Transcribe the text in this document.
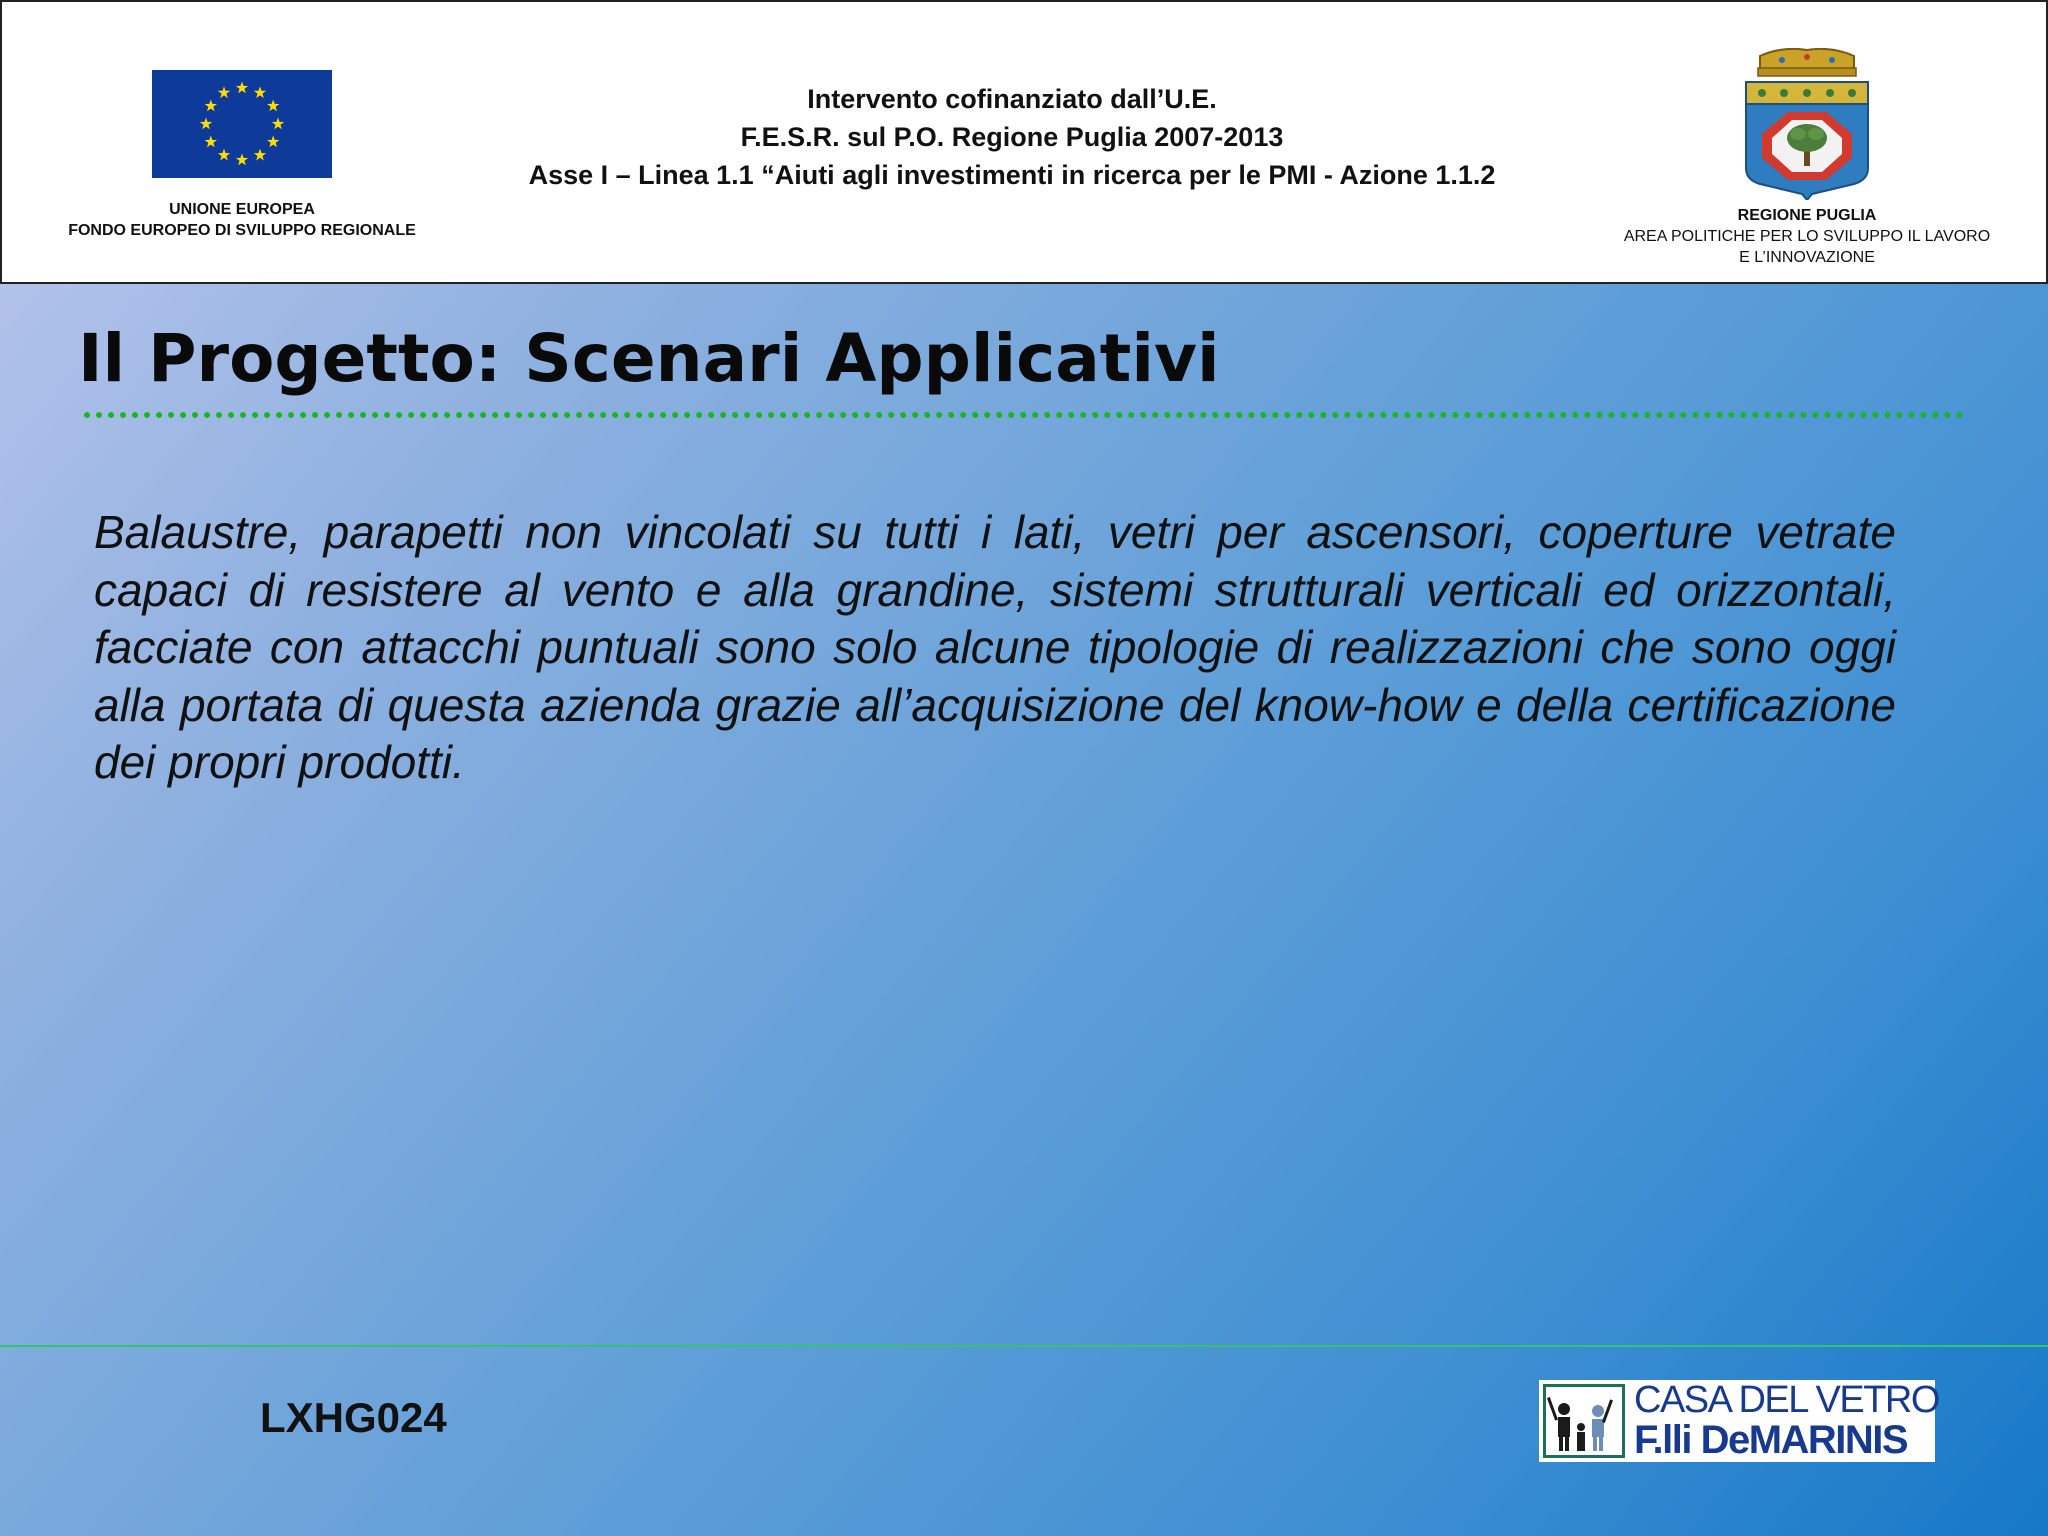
UNIONE EUROPEA
FONDO EUROPEO DI SVILUPPO REGIONALE
Intervento cofinanziato dall’U.E.
F.E.S.R. sul P.O. Regione Puglia 2007-2013
Asse I – Linea 1.1 “Aiuti agli investimenti in ricerca per le PMI - Azione 1.1.2
REGIONE PUGLIA
AREA POLITICHE PER LO SVILUPPO IL LAVORO
E L’INNOVAZIONE
Il Progetto: Scenari Applicativi

Balaustre, parapetti non vincolati su tutti i lati, vetri per ascensori, coperture vetrate capaci di resistere al vento e alla grandine, sistemi strutturali verticali ed orizzontali, facciate con attacchi puntuali sono solo alcune tipologie di realizzazioni che sono oggi alla portata di questa azienda grazie all’acquisizione del know-how e della certificazione dei propri prodotti.

LXHG024	CASA DEL VETRO
F.lli DeMARINIS
